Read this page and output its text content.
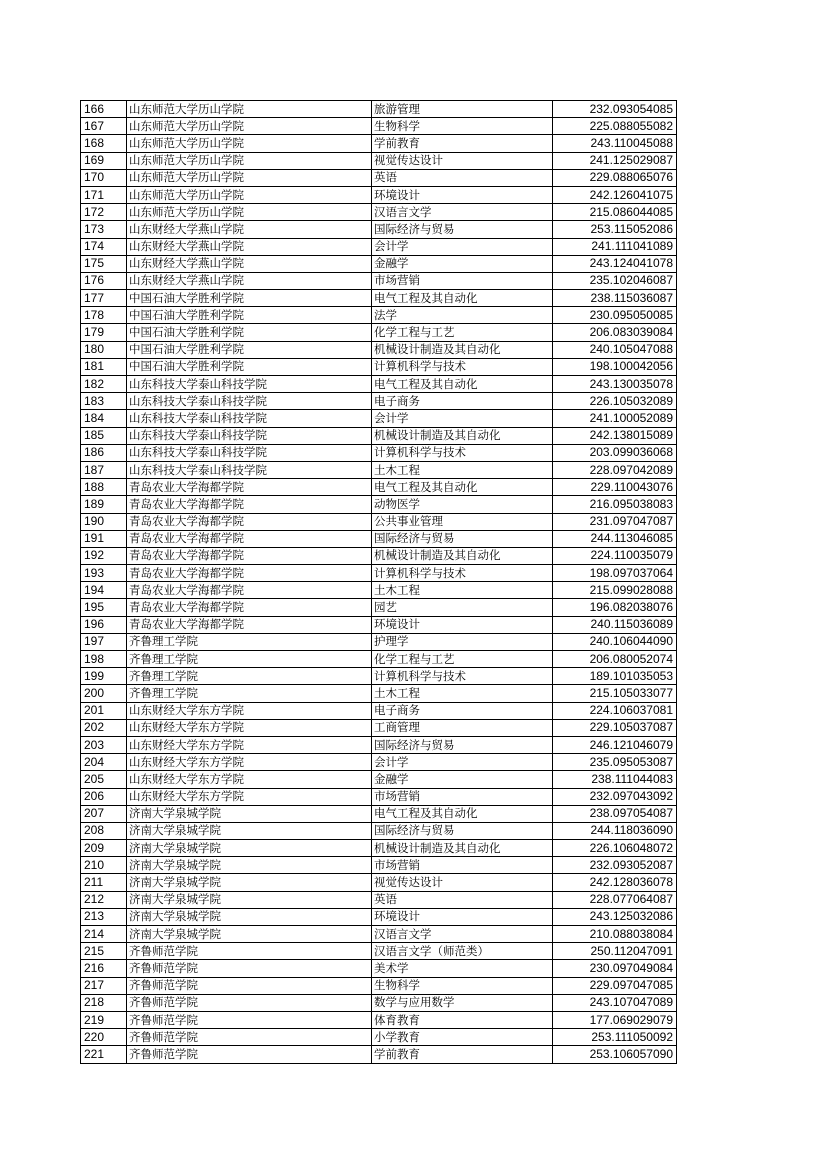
166	山东师范大学历山学院	旅游管理	232.093054085
167	山东师范大学历山学院	生物科学	225.088055082
168	山东师范大学历山学院	学前教育	243.110045088
169	山东师范大学历山学院	视觉传达设计	241.125029087
170	山东师范大学历山学院	英语	229.088065076
171	山东师范大学历山学院	环境设计	242.126041075
172	山东师范大学历山学院	汉语言文学	215.086044085
173	山东财经大学燕山学院	国际经济与贸易	253.115052086
174	山东财经大学燕山学院	会计学	241.111041089
175	山东财经大学燕山学院	金融学	243.124041078
176	山东财经大学燕山学院	市场营销	235.102046087
177	中国石油大学胜利学院	电气工程及其自动化	238.115036087
178	中国石油大学胜利学院	法学	230.095050085
179	中国石油大学胜利学院	化学工程与工艺	206.083039084
180	中国石油大学胜利学院	机械设计制造及其自动化	240.105047088
181	中国石油大学胜利学院	计算机科学与技术	198.100042056
182	山东科技大学泰山科技学院	电气工程及其自动化	243.130035078
183	山东科技大学泰山科技学院	电子商务	226.105032089
184	山东科技大学泰山科技学院	会计学	241.100052089
185	山东科技大学泰山科技学院	机械设计制造及其自动化	242.138015089
186	山东科技大学泰山科技学院	计算机科学与技术	203.099036068
187	山东科技大学泰山科技学院	土木工程	228.097042089
188	青岛农业大学海都学院	电气工程及其自动化	229.110043076
189	青岛农业大学海都学院	动物医学	216.095038083
190	青岛农业大学海都学院	公共事业管理	231.097047087
191	青岛农业大学海都学院	国际经济与贸易	244.113046085
192	青岛农业大学海都学院	机械设计制造及其自动化	224.110035079
193	青岛农业大学海都学院	计算机科学与技术	198.097037064
194	青岛农业大学海都学院	土木工程	215.099028088
195	青岛农业大学海都学院	园艺	196.082038076
196	青岛农业大学海都学院	环境设计	240.115036089
197	齐鲁理工学院	护理学	240.106044090
198	齐鲁理工学院	化学工程与工艺	206.080052074
199	齐鲁理工学院	计算机科学与技术	189.101035053
200	齐鲁理工学院	土木工程	215.105033077
201	山东财经大学东方学院	电子商务	224.106037081
202	山东财经大学东方学院	工商管理	229.105037087
203	山东财经大学东方学院	国际经济与贸易	246.121046079
204	山东财经大学东方学院	会计学	235.095053087
205	山东财经大学东方学院	金融学	238.111044083
206	山东财经大学东方学院	市场营销	232.097043092
207	济南大学泉城学院	电气工程及其自动化	238.097054087
208	济南大学泉城学院	国际经济与贸易	244.118036090
209	济南大学泉城学院	机械设计制造及其自动化	226.106048072
210	济南大学泉城学院	市场营销	232.093052087
211	济南大学泉城学院	视觉传达设计	242.128036078
212	济南大学泉城学院	英语	228.077064087
213	济南大学泉城学院	环境设计	243.125032086
214	济南大学泉城学院	汉语言文学	210.088038084
215	齐鲁师范学院	汉语言文学（师范类）	250.112047091
216	齐鲁师范学院	美术学	230.097049084
217	齐鲁师范学院	生物科学	229.097047085
218	齐鲁师范学院	数学与应用数学	243.107047089
219	齐鲁师范学院	体育教育	177.069029079
220	齐鲁师范学院	小学教育	253.111050092
221	齐鲁师范学院	学前教育	253.106057090
